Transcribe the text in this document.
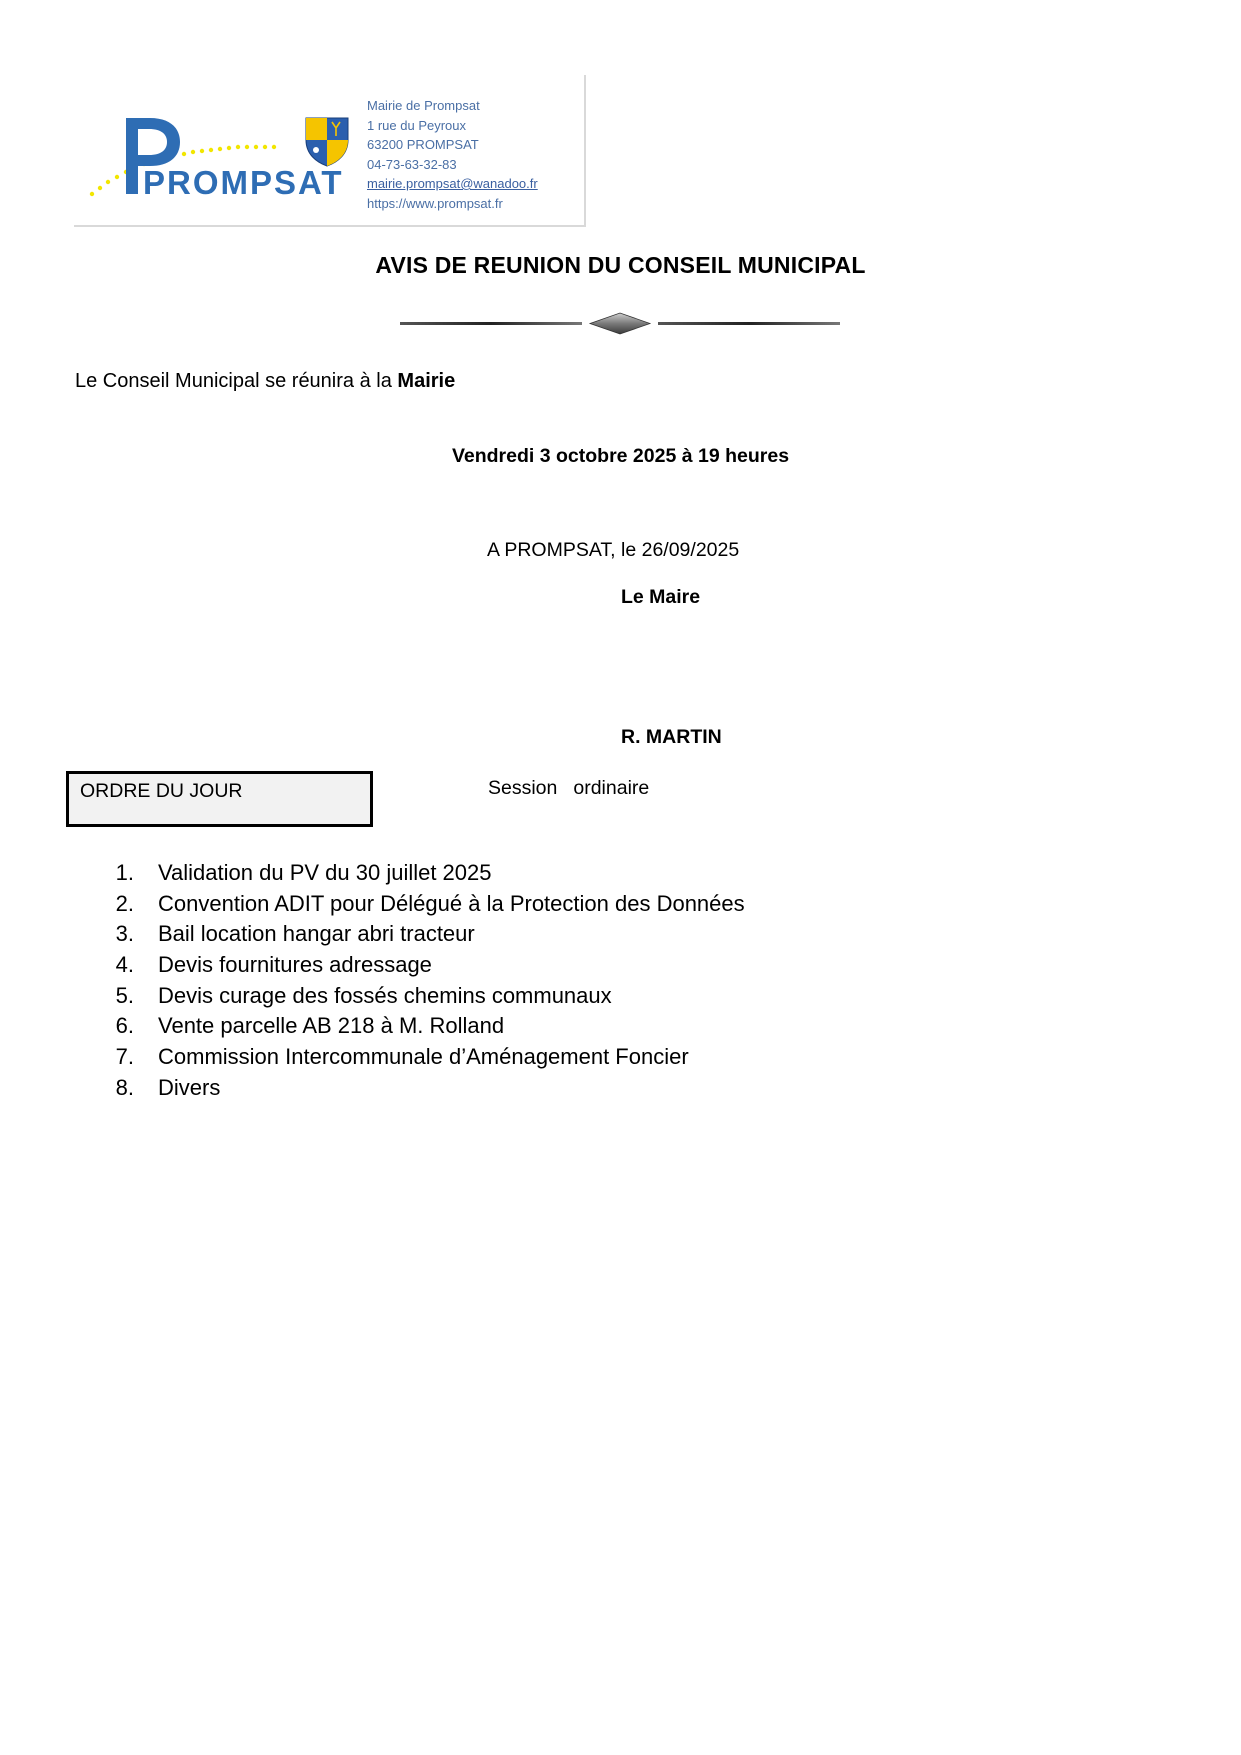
PROMPSAT
Mairie de Prompsat
1 rue du Peyroux
63200 PROMPSAT
04-73-63-32-83
mairie.prompsat@wanadoo.fr
https://www.prompsat.fr
AVIS DE REUNION DU CONSEIL MUNICIPAL
Le Conseil Municipal se réunira à la Mairie
Vendredi 3 octobre 2025 à 19 heures
A PROMPSAT, le 26/09/2025
Le Maire
R. MARTIN
ORDRE DU JOUR	Session ordinaire
1.	Validation du PV du 30 juillet 2025
2.	Convention ADIT pour Délégué à la Protection des Données
3.	Bail location hangar abri tracteur
4.	Devis fournitures adressage
5.	Devis curage des fossés chemins communaux
6.	Vente parcelle AB 218 à M. Rolland
7.	Commission Intercommunale d’Aménagement Foncier
8.	Divers
